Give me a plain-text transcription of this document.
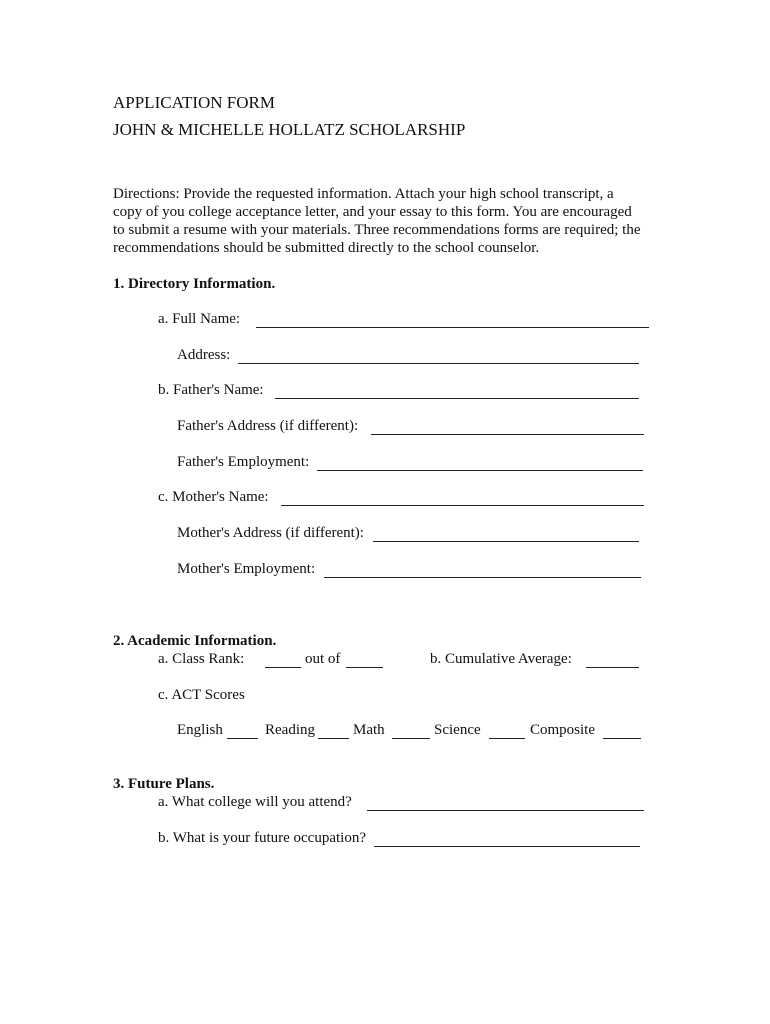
APPLICATION FORM
JOHN & MICHELLE HOLLATZ SCHOLARSHIP
Directions: Provide the requested information. Attach your high school transcript, a
copy of you college acceptance letter, and your essay to this form. You are encouraged
to submit a resume with your materials. Three recommendations forms are required; the
recommendations should be submitted directly to the school counselor.
1. Directory Information.
a. Full Name:
Address:
b. Father's Name:
Father's Address (if different):
Father's Employment:
c. Mother's Name:
Mother's Address (if different):
Mother's Employment:
2. Academic Information.
a. Class Rank:	out of	b. Cumulative Average:
c. ACT Scores
English	Reading	Math	Science	Composite
3. Future Plans.
a. What college will you attend?
b. What is your future occupation?
